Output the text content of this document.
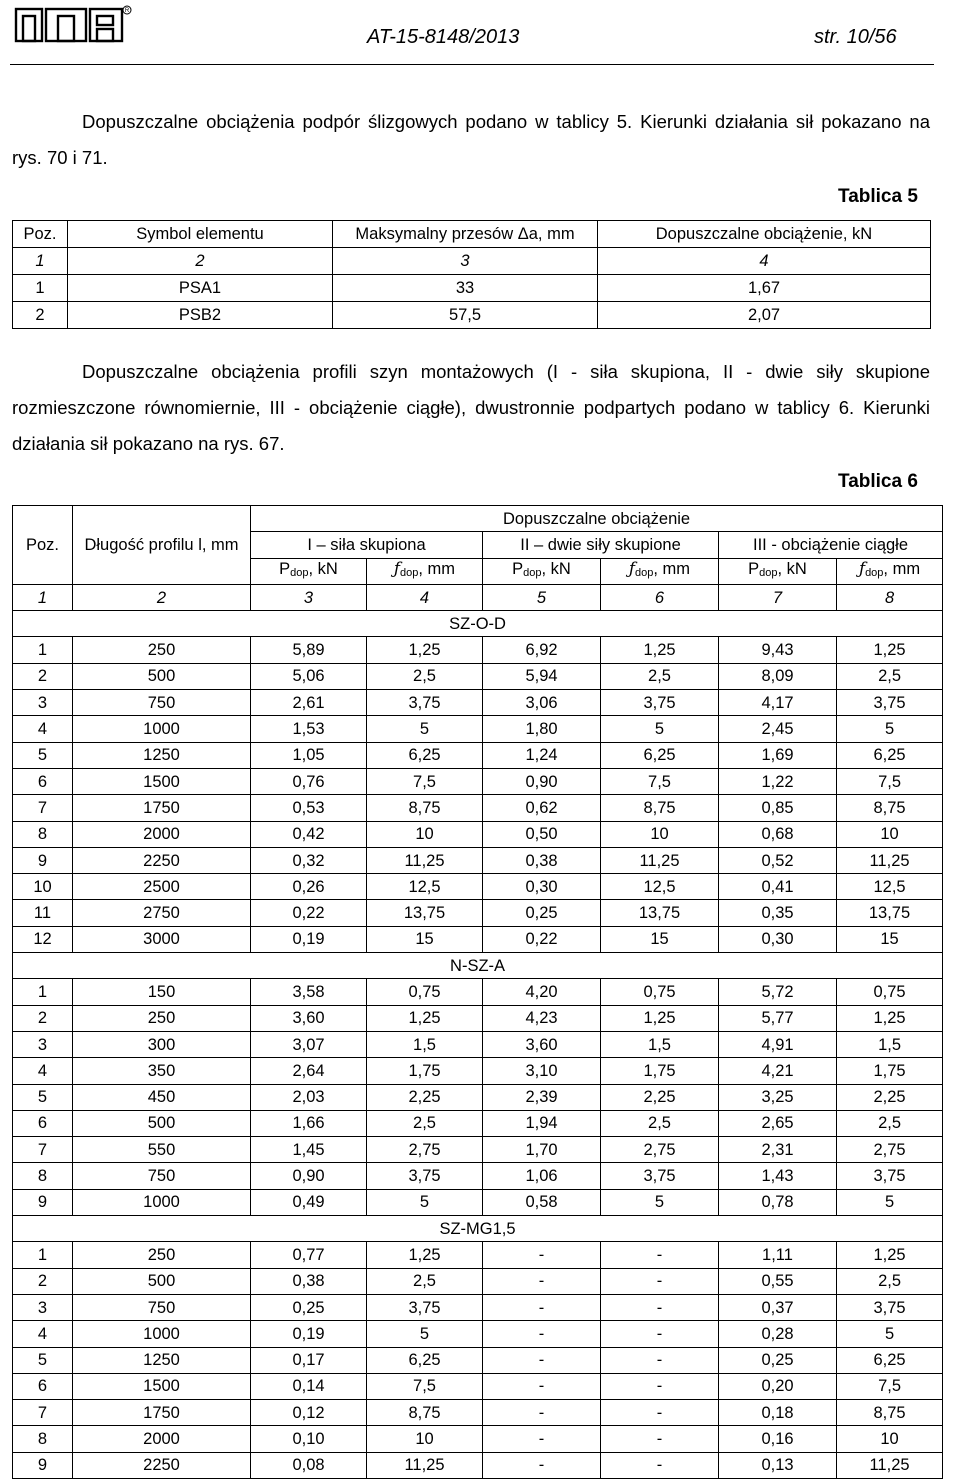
R
AT-15-8148/2013	str. 10/56
Dopuszczalne obciążenia podpór ślizgowych podano w tablicy 5. Kierunki działania sił pokazano na rys. 70 i 71.
Tablica 5
Poz.	Symbol elementu	Maksymalny przesów Δa, mm	Dopuszczalne obciążenie, kN
1	2	3	4
1	PSA1	33	1,67
2	PSB2	57,5	2,07
Dopuszczalne obciążenia profili szyn montażowych (I - siła skupiona, II - dwie siły skupione rozmieszczone równomiernie, III - obciążenie ciągłe), dwustronnie podpartych podano w tablicy 6. Kierunki działania sił pokazano na rys. 67.
Tablica 6
Poz.	Długość profilu l, mm	Dopuszczalne obciążenie					
		I – siła skupiona		II – dwie siły skupione		III - obciążenie ciągłe	
		$P_{dop}$, kN	$ƒ_{dop}$, mm	$P_{dop}$, kN	$ƒ_{dop}$, mm	$P_{dop}$, kN	$ƒ_{dop}$, mm
1	2	3	4	5	6	7	8
SZ-O-D							
1	250	5,89	1,25	6,92	1,25	9,43	1,25
2	500	5,06	2,5	5,94	2,5	8,09	2,5
3	750	2,61	3,75	3,06	3,75	4,17	3,75
4	1000	1,53	5	1,80	5	2,45	5
5	1250	1,05	6,25	1,24	6,25	1,69	6,25
6	1500	0,76	7,5	0,90	7,5	1,22	7,5
7	1750	0,53	8,75	0,62	8,75	0,85	8,75
8	2000	0,42	10	0,50	10	0,68	10
9	2250	0,32	11,25	0,38	11,25	0,52	11,25
10	2500	0,26	12,5	0,30	12,5	0,41	12,5
11	2750	0,22	13,75	0,25	13,75	0,35	13,75
12	3000	0,19	15	0,22	15	0,30	15
N-SZ-A							
1	150	3,58	0,75	4,20	0,75	5,72	0,75
2	250	3,60	1,25	4,23	1,25	5,77	1,25
3	300	3,07	1,5	3,60	1,5	4,91	1,5
4	350	2,64	1,75	3,10	1,75	4,21	1,75
5	450	2,03	2,25	2,39	2,25	3,25	2,25
6	500	1,66	2,5	1,94	2,5	2,65	2,5
7	550	1,45	2,75	1,70	2,75	2,31	2,75
8	750	0,90	3,75	1,06	3,75	1,43	3,75
9	1000	0,49	5	0,58	5	0,78	5
SZ-MG1,5							
1	250	0,77	1,25	-	-	1,11	1,25
2	500	0,38	2,5	-	-	0,55	2,5
3	750	0,25	3,75	-	-	0,37	3,75
4	1000	0,19	5	-	-	0,28	5
5	1250	0,17	6,25	-	-	0,25	6,25
6	1500	0,14	7,5	-	-	0,20	7,5
7	1750	0,12	8,75	-	-	0,18	8,75
8	2000	0,10	10	-	-	0,16	10
9	2250	0,08	11,25	-	-	0,13	11,25
